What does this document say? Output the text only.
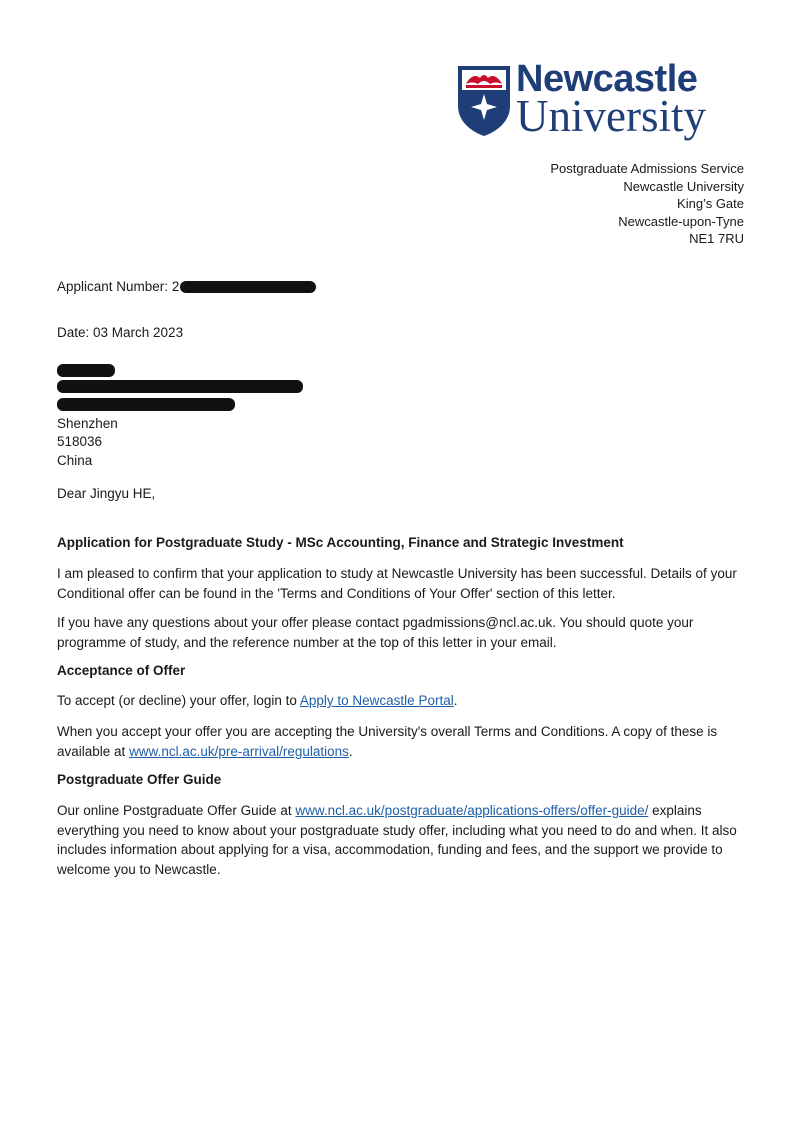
Newcastle
University
Postgraduate Admissions Service
Newcastle University
King’s Gate
Newcastle-upon-Tyne
NE1 7RU
Applicant Number: 2
Date: 03 March 2023
Shenzhen
518036
China
Dear Jingyu HE,
Application for Postgraduate Study - MSc Accounting, Finance and Strategic Investment
I am pleased to confirm that your application to study at Newcastle University has been successful. Details of your Conditional offer can be found in the 'Terms and Conditions of Your Offer' section of this letter.
If you have any questions about your offer please contact pgadmissions@ncl.ac.uk. You should quote your programme of study, and the reference number at the top of this letter in your email.
Acceptance of Offer
To accept (or decline) your offer, login to Apply to Newcastle Portal.
When you accept your offer you are accepting the University's overall Terms and Conditions. A copy of these is available at www.ncl.ac.uk/pre-arrival/regulations.
Postgraduate Offer Guide
Our online Postgraduate Offer Guide at www.ncl.ac.uk/postgraduate/applications-offers/offer-guide/ explains everything you need to know about your postgraduate study offer, including what you need to do and when. It also includes information about applying for a visa, accommodation, funding and fees, and the support we provide to welcome you to Newcastle.
